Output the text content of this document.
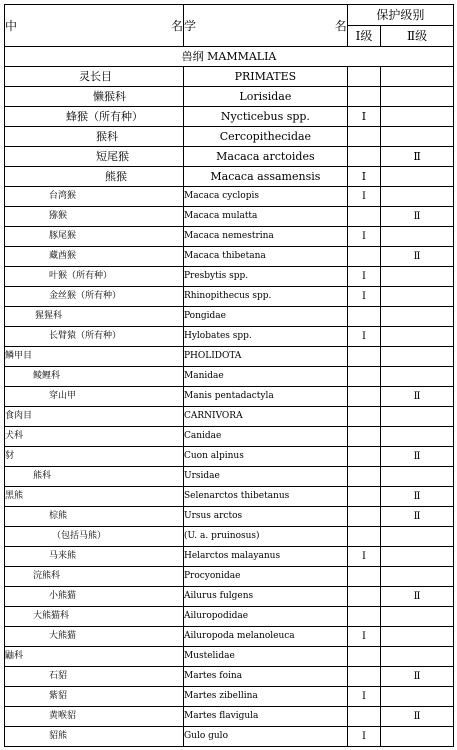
中名	学名	保护级别	
		Ⅰ级	Ⅱ级
兽纲 MAMMALIA			
灵长目	PRIMATES		
懒猴科	Lorisidae		
蜂猴（所有种）	Nycticebus spp.	Ⅰ	
猴科	Cercopithecidae		
短尾猴	Macaca arctoides		Ⅱ
熊猴	Macaca assamensis	Ⅰ	
台湾猴	Macaca cyclopis	Ⅰ	
猕猴	Macaca mulatta		Ⅱ
豚尾猴	Macaca nemestrina	Ⅰ	
藏酋猴	Macaca thibetana		Ⅱ
叶猴（所有种）	Presbytis spp.	Ⅰ	
金丝猴（所有种）	Rhinopithecus spp.	Ⅰ	
猩猩科	Pongidae		
长臂猿（所有种）	Hylobates spp.	Ⅰ	
鳞甲目	PHOLIDOTA		
鲮鲤科	Manidae		
穿山甲	Manis pentadactyla		Ⅱ
食肉目	CARNIVORA		
犬科	Canidae		
豺	Cuon alpinus		Ⅱ
熊科	Ursidae		
黑熊	Selenarctos thibetanus		Ⅱ
棕熊	Ursus arctos		Ⅱ
（包括马熊）	(U. a. pruinosus)		
马来熊	Helarctos malayanus	Ⅰ	
浣熊科	Procyonidae		
小熊猫	Ailurus fulgens		Ⅱ
大熊猫科	Ailuropodidae		
大熊猫	Ailuropoda melanoleuca	Ⅰ	
鼬科	Mustelidae		
石貂	Martes foina		Ⅱ
紫貂	Martes zibellina	Ⅰ	
黄喉貂	Martes flavigula		Ⅱ
貂熊	Gulo gulo	Ⅰ	
